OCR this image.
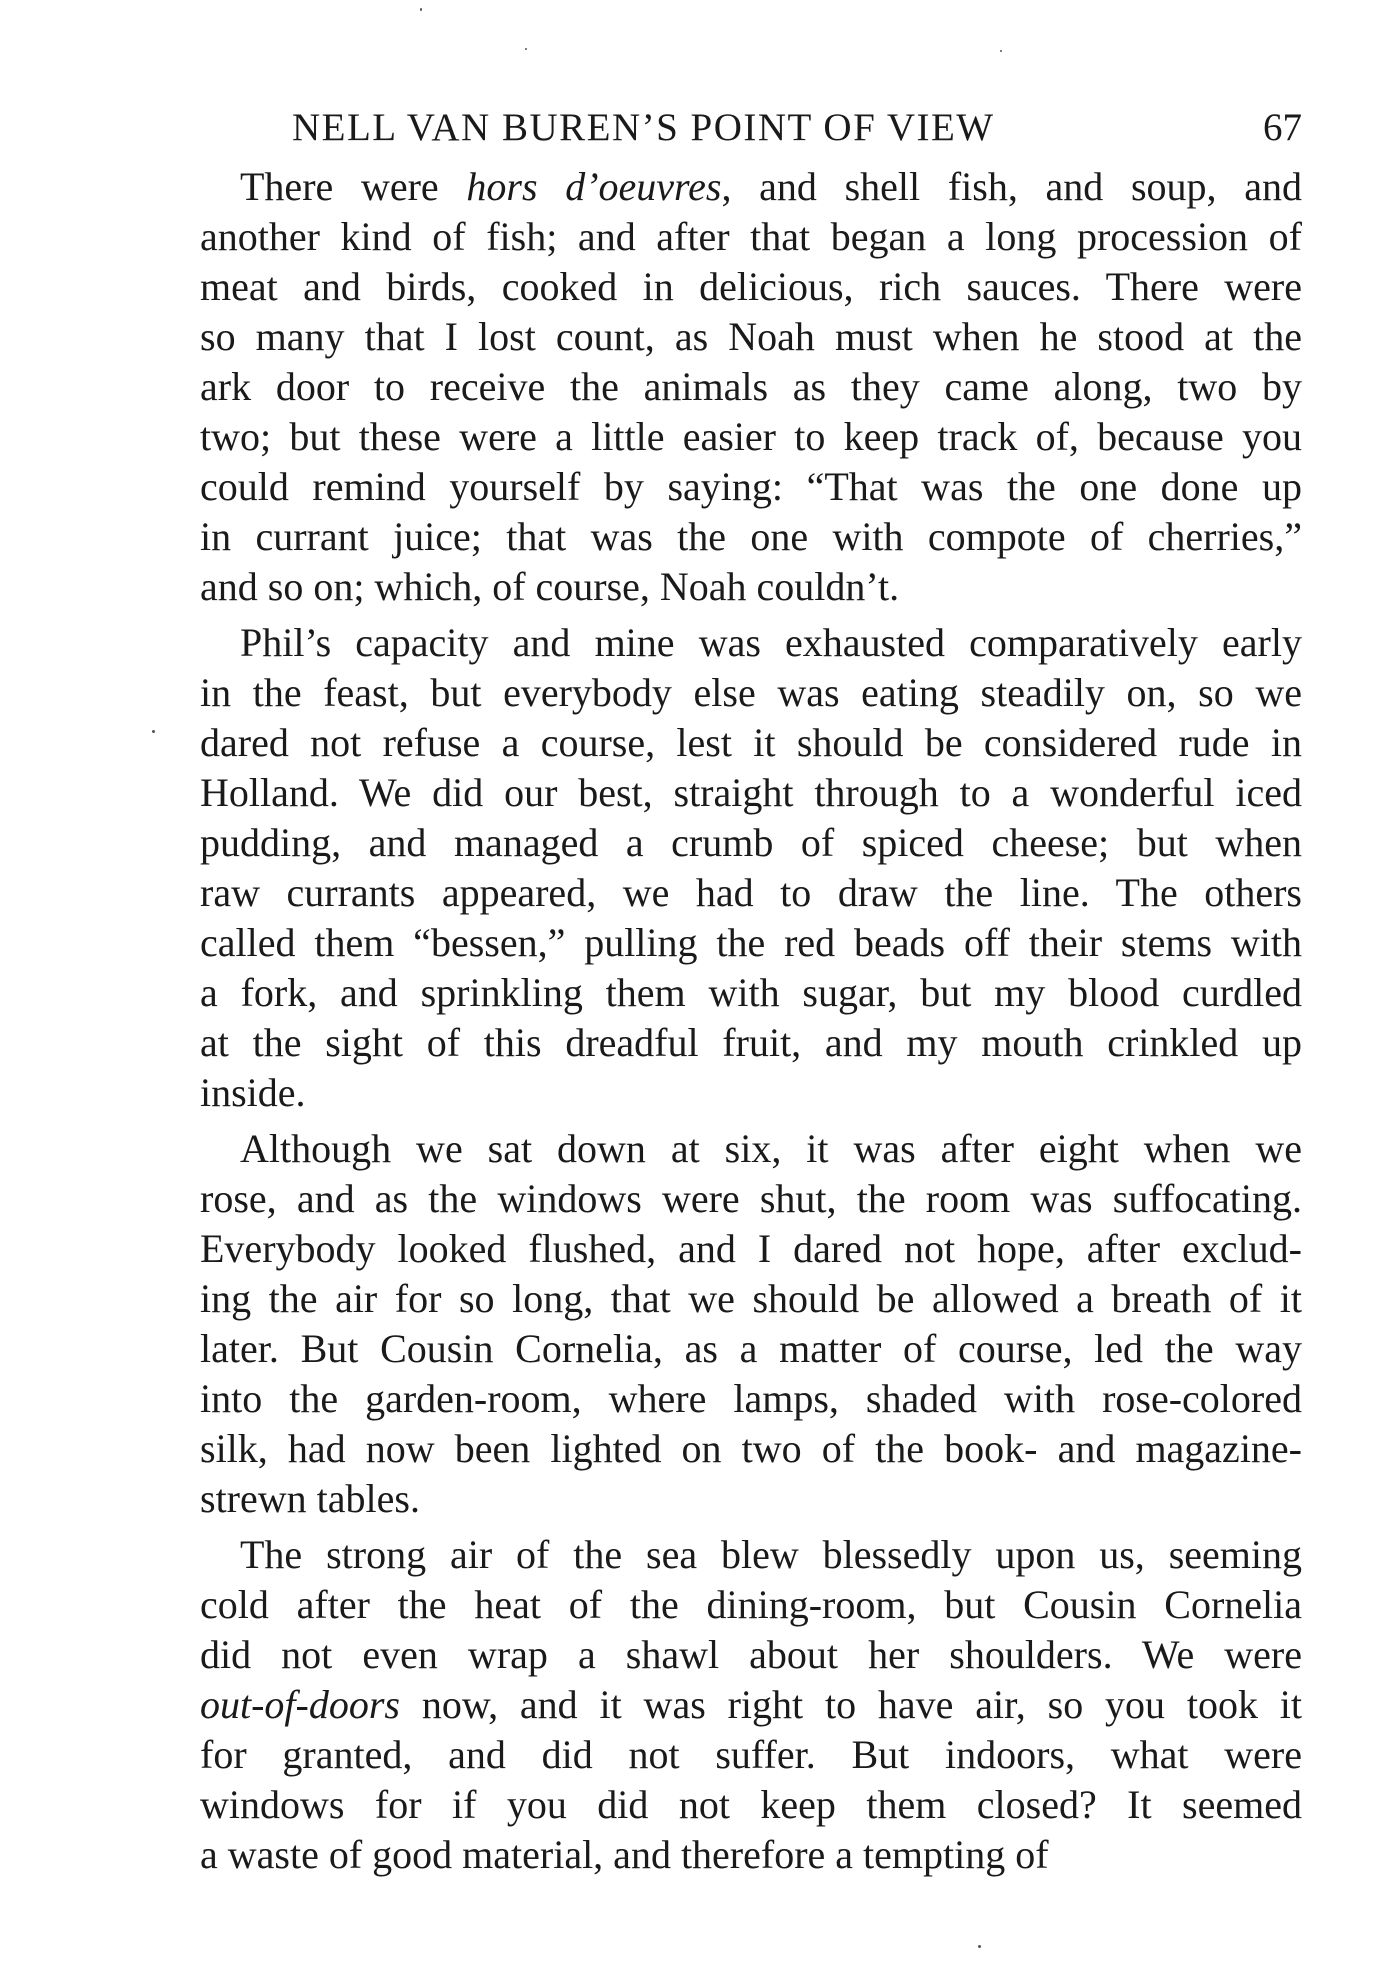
NELL VAN BUREN’S POINT OF VIEW	67
There were hors d’oeuvres, and shell fish, and soup, and
another kind of fish; and after that began a long procession of
meat and birds, cooked in delicious, rich sauces. There were
so many that I lost count, as Noah must when he stood at the
ark door to receive the animals as they came along, two by
two; but these were a little easier to keep track of, because you
could remind yourself by saying: “That was the one done up
in currant juice; that was the one with compote of cherries,”
and so on; which, of course, Noah couldn’t.
Phil’s capacity and mine was exhausted comparatively early
in the feast, but everybody else was eating steadily on, so we
dared not refuse a course, lest it should be considered rude in
Holland. We did our best, straight through to a wonderful iced
pudding, and managed a crumb of spiced cheese; but when
raw currants appeared, we had to draw the line. The others
called them “bessen,” pulling the red beads off their stems with
a fork, and sprinkling them with sugar, but my blood curdled
at the sight of this dreadful fruit, and my mouth crinkled up
inside.
Although we sat down at six, it was after eight when we
rose, and as the windows were shut, the room was suffocating.
Everybody looked flushed, and I dared not hope, after exclud-
ing the air for so long, that we should be allowed a breath of it
later. But Cousin Cornelia, as a matter of course, led the way
into the garden-room, where lamps, shaded with rose-colored
silk, had now been lighted on two of the book- and magazine-
strewn tables.
The strong air of the sea blew blessedly upon us, seeming
cold after the heat of the dining-room, but Cousin Cornelia
did not even wrap a shawl about her shoulders. We were
out-of-doors now, and it was right to have air, so you took it
for granted, and did not suffer. But indoors, what were
windows for if you did not keep them closed? It seemed
a waste of good material, and therefore a tempting of
